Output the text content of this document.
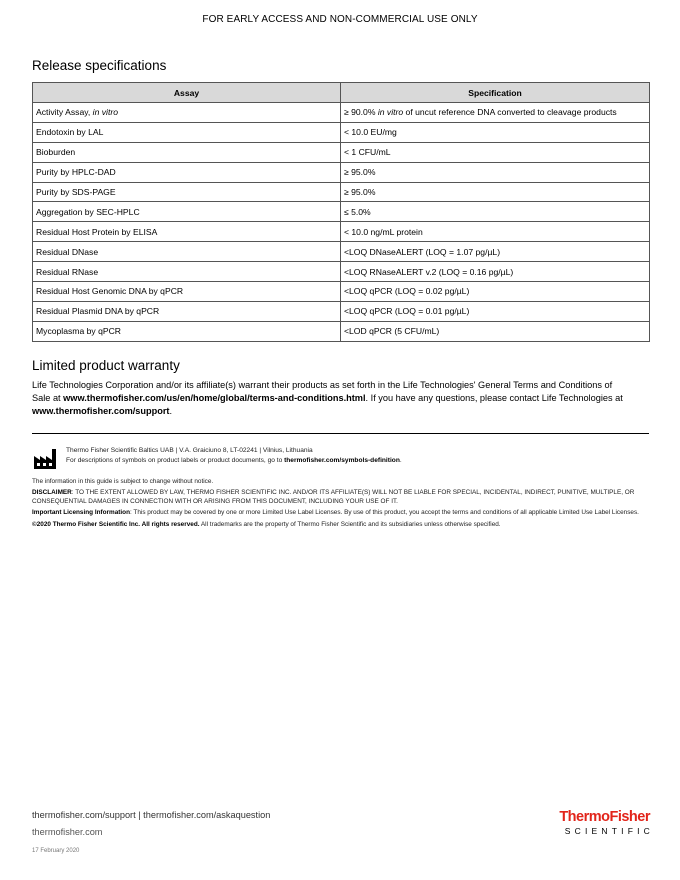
FOR EARLY ACCESS AND NON-COMMERCIAL USE ONLY
Release specifications
Assay	Specification
Activity Assay, in vitro	≥ 90.0% in vitro of uncut reference DNA converted to cleavage products
Endotoxin by LAL	< 10.0 EU/mg
Bioburden	< 1 CFU/mL
Purity by HPLC-DAD	≥ 95.0%
Purity by SDS-PAGE	≥ 95.0%
Aggregation by SEC-HPLC	≤ 5.0%
Residual Host Protein by ELISA	< 10.0 ng/mL protein
Residual DNase	<LOQ DNaseALERT (LOQ = 1.07 pg/µL)
Residual RNase	<LOQ RNaseALERT v.2 (LOQ = 0.16 pg/µL)
Residual Host Genomic DNA by qPCR	<LOQ qPCR (LOQ = 0.02 pg/µL)
Residual Plasmid DNA by qPCR	<LOQ qPCR (LOQ = 0.01 pg/µL)
Mycoplasma by qPCR	<LOD qPCR (5 CFU/mL)
Limited product warranty
Life Technologies Corporation and/or its affiliate(s) warrant their products as set forth in the Life Technologies' General Terms and Conditions of Sale at www.thermofisher.com/us/en/home/global/terms-and-conditions.html. If you have any questions, please contact Life Technologies at www.thermofisher.com/support.
Thermo Fisher Scientific Baltics UAB | V.A. Graiciuno 8, LT-02241 | Vilnius, Lithuania
For descriptions of symbols on product labels or product documents, go to thermofisher.com/symbols-definition.

The information in this guide is subject to change without notice.

DISCLAIMER: TO THE EXTENT ALLOWED BY LAW, THERMO FISHER SCIENTIFIC INC. AND/OR ITS AFFILIATE(S) WILL NOT BE LIABLE FOR SPECIAL, INCIDENTAL, INDIRECT, PUNITIVE, MULTIPLE, OR CONSEQUENTIAL DAMAGES IN CONNECTION WITH OR ARISING FROM THIS DOCUMENT, INCLUDING YOUR USE OF IT.

Important Licensing Information: This product may be covered by one or more Limited Use Label Licenses. By use of this product, you accept the terms and conditions of all applicable Limited Use Label Licenses.

©2020 Thermo Fisher Scientific Inc. All rights reserved. All trademarks are the property of Thermo Fisher Scientific and its subsidiaries unless otherwise specified.

thermofisher.com/support | thermofisher.com/askaquestion
thermofisher.com
17 February 2020
ThermoFisher
SCIENTIFIC
